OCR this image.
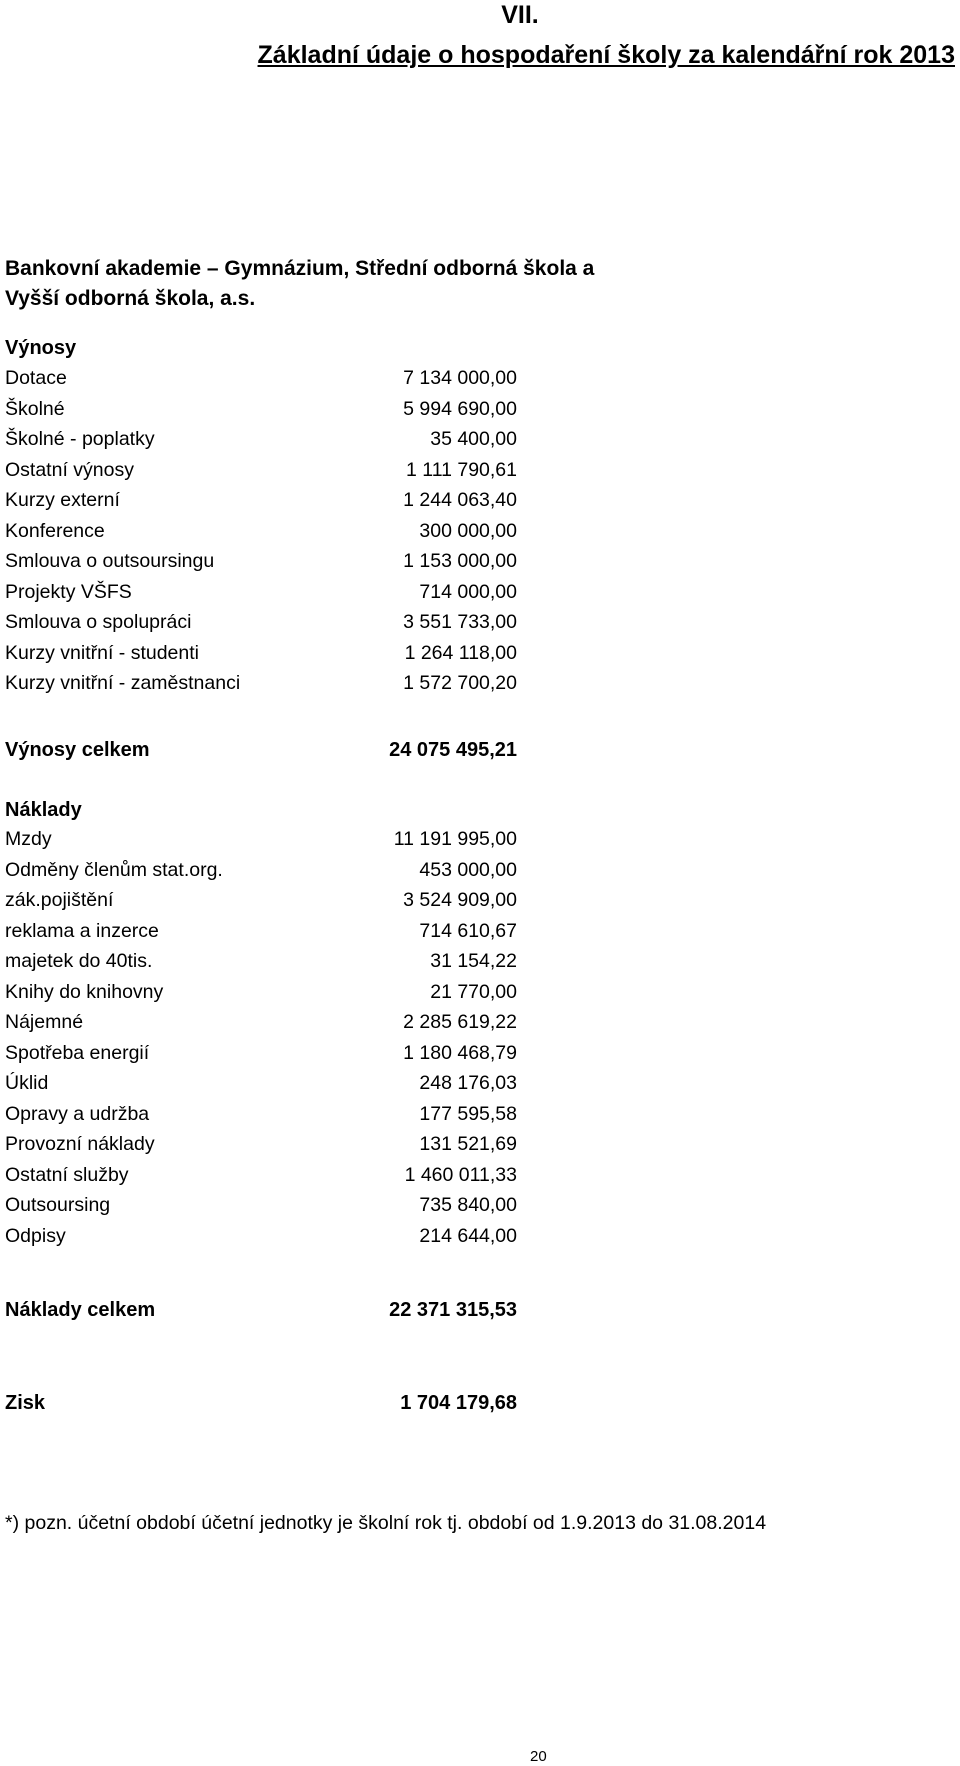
VII.
Základní údaje o hospodaření školy za kalendářní rok 2013
Bankovní akademie – Gymnázium, Střední odborná škola a
Vyšší odborná škola, a.s.
Výnosy
Dotace	7 134 000,00
Školné	5 994 690,00
Školné - poplatky	35 400,00
Ostatní výnosy	1 111 790,61
Kurzy externí	1 244 063,40
Konference	300 000,00
Smlouva o outsoursingu	1 153 000,00
Projekty VŠFS	714 000,00
Smlouva o spolupráci	3 551 733,00
Kurzy vnitřní - studenti	1 264 118,00
Kurzy vnitřní - zaměstnanci	1 572 700,20
Výnosy celkem	24 075 495,21
Náklady
Mzdy	11 191 995,00
Odměny členům stat.org.	453 000,00
zák.pojištění	3 524 909,00
reklama a inzerce	714 610,67
majetek do 40tis.	31 154,22
Knihy do knihovny	21 770,00
Nájemné	2 285 619,22
Spotřeba energií	1 180 468,79
Úklid	248 176,03
Opravy a udržba	177 595,58
Provozní náklady	131 521,69
Ostatní služby	1 460 011,33
Outsoursing	735 840,00
Odpisy	214 644,00
Náklady celkem	22 371 315,53
Zisk	1 704 179,68
*) pozn. účetní období účetní jednotky je školní rok tj. období od 1.9.2013 do 31.08.2014
20
